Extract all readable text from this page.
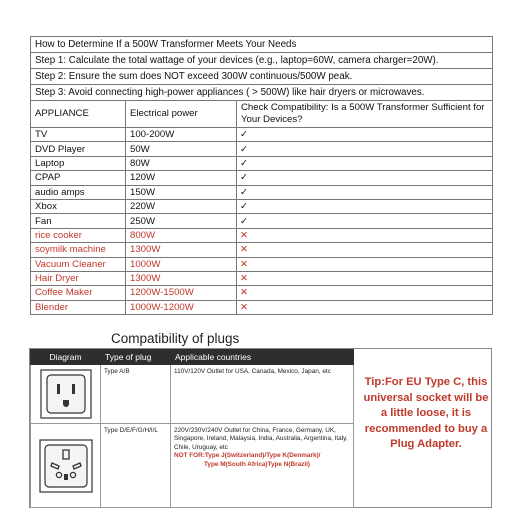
How to Determine If a 500W Transformer Meets Your Needs		
Step 1: Calculate the total wattage of your devices (e.g., laptop=60W, camera charger=20W).		
Step 2: Ensure the sum does NOT exceed 300W continuous/500W peak.		
Step 3: Avoid connecting high-power appliances ( > 500W) like hair dryers or microwaves.		
APPLIANCE	Electrical power	Check Compatibility: Is a 500W Transformer Sufficient for Your Devices?
TV	100-200W	✓
DVD Player	50W	✓
Laptop	80W	✓
CPAP	120W	✓
audio amps	150W	✓
Xbox	220W	✓
Fan	250W	✓
rice cooker	800W	✕
soymilk machine	1300W	✕
Vacuum Cleaner	1000W	✕
Hair Dryer	1300W	✕
Coffee Maker	1200W-1500W	✕
Blender	1000W-1200W	✕
Compatibility of plugs
Diagram	Type of plug	Applicable countries

	Type A/B	110V/120V Outlet for USA, Canada, Mexico, Japan, etc

	Type D/E/F/G/H/I/L	220V/230V/240V Outlet for China, France, Germany, UK, Singapore, Ireland, Malaysia, India, Australia, Argentina, Italy, Chile, Uruguay, etc
NOT FOR:Type J(Switzerland)/Type K(Denmark)/
Type M(South Africa)Type N(Brazil)
Tip:For EU Type C, this universal socket will be a little loose, it is recommended to buy a Plug Adapter.
